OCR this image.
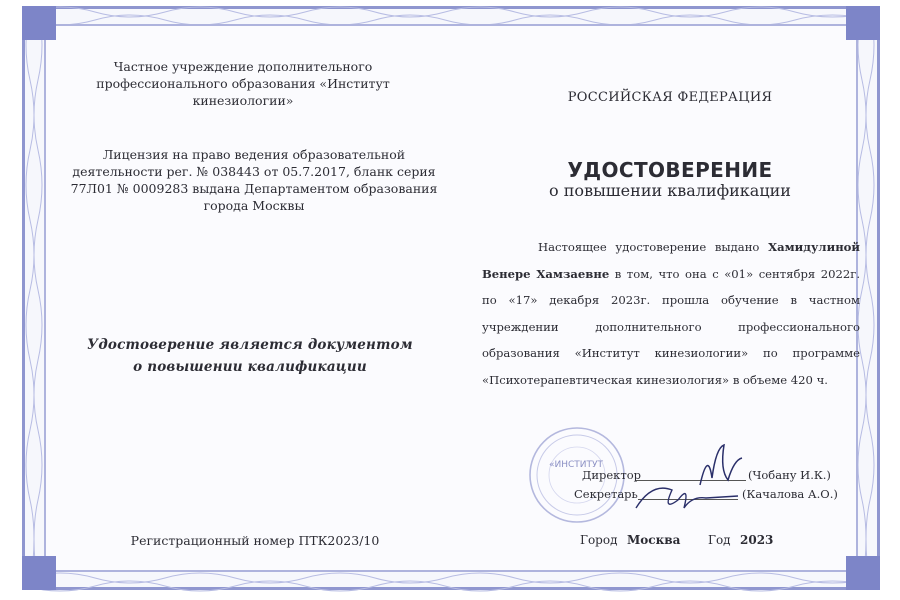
Частное учреждение дополнительного профессионального образования «Институт кинезиологии»
Лицензия на право ведения образовательной деятельности рег. № 038443 от 05.7.2017, бланк серия 77Л01 № 0009283 выдана Департаментом образования города Москвы
Удостоверение является документом
о повышении квалификации
Регистрационный номер ПТК2023/10
РОССИЙСКАЯ ФЕДЕРАЦИЯ
УДОСТОВЕРЕНИЕ
о повышении квалификации
Настоящее удостоверение выдано Хамидулиной Венере Хамзаевне в том, что она с «01» сентября 2022г. по «17» декабря 2023г. прошла обучение в частном учреждении дополнительного профессионального образования «Институт кинезиологии» по программе «Психотерапевтическая кинезиология» в объеме 420 ч.
«ИНСТИТУТ
Директор	(Чобану И.К.)
Секретарь	(Качалова А.О.)
Город Москва Год 2023
